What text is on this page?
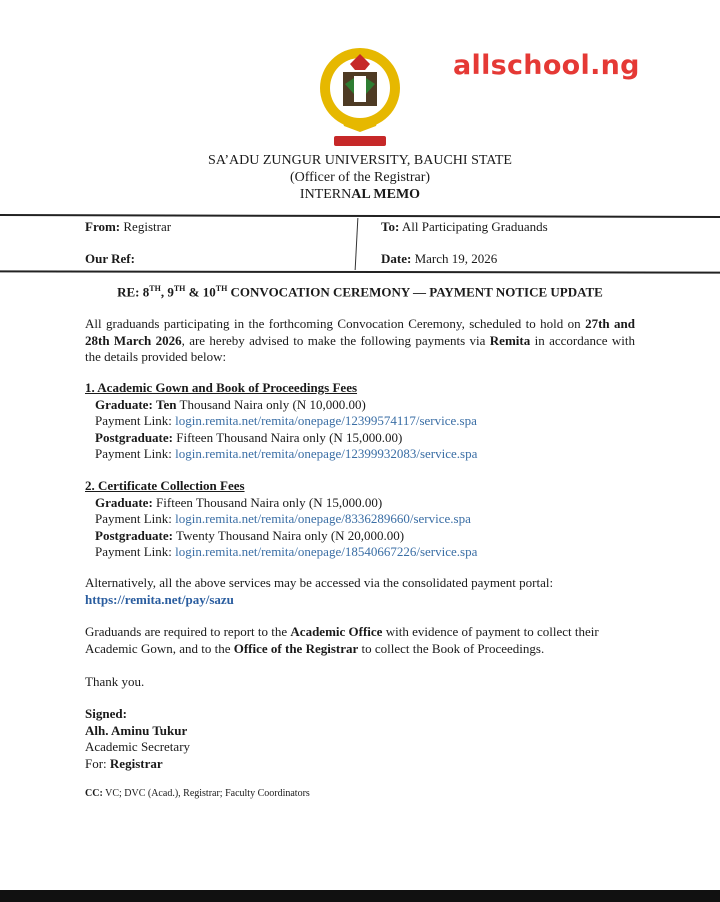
allschool.ng
SA’ADU ZUNGUR UNIVERSITY, BAUCHI STATE
(Officer of the Registrar)
INTERNAL MEMO
From: Registrar	To: All Participating Graduands
Our Ref:	Date: March 19, 2026
RE: 8TH, 9TH & 10TH CONVOCATION CEREMONY — PAYMENT NOTICE UPDATE
All graduands participating in the forthcoming Convocation Ceremony, scheduled to hold on 27th and 28th March 2026, are hereby advised to make the following payments via Remita in accordance with the details provided below:
1. Academic Gown and Book of Proceedings Fees
Graduate: Ten Thousand Naira only (N 10,000.00)
Payment Link: login.remita.net/remita/onepage/12399574117/service.spa
Postgraduate: Fifteen Thousand Naira only (N 15,000.00)
Payment Link: login.remita.net/remita/onepage/12399932083/service.spa
2. Certificate Collection Fees
Graduate: Fifteen Thousand Naira only (N 15,000.00)
Payment Link: login.remita.net/remita/onepage/8336289660/service.spa
Postgraduate: Twenty Thousand Naira only (N 20,000.00)
Payment Link: login.remita.net/remita/onepage/18540667226/service.spa
Alternatively, all the above services may be accessed via the consolidated payment portal:
https://remita.net/pay/sazu
Graduands are required to report to the Academic Office with evidence of payment to collect their Academic Gown, and to the Office of the Registrar to collect the Book of Proceedings.
Thank you.
Signed:
Alh. Aminu Tukur
Academic Secretary
For: Registrar
CC: VC; DVC (Acad.), Registrar; Faculty Coordinators
